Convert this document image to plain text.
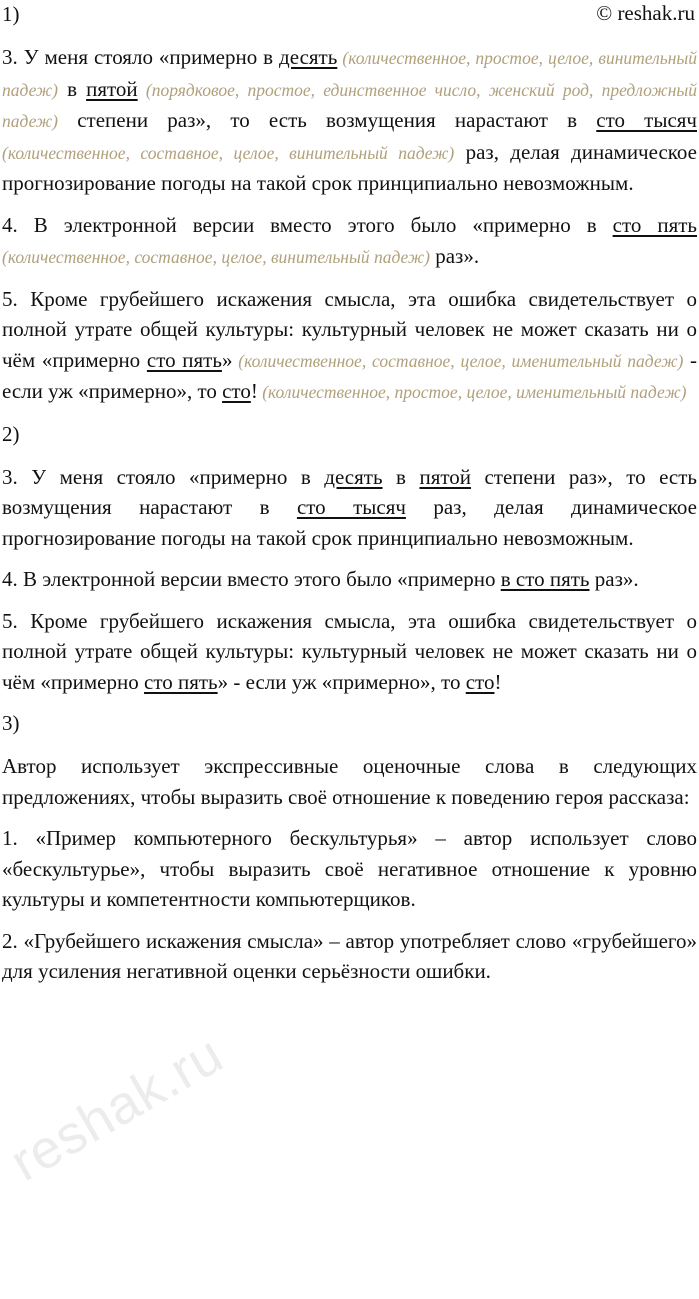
© reshak.ru
1)

3. У меня стояло «примерно в десять (количественное, простое, целое, винительный падеж) в пятой (порядковое, простое, единственное число, женский род, предложный падеж) степени раз», то есть возмущения нарастают в сто тысяч (количественное, составное, целое, винительный падеж) раз, делая динамическое прогнозирование погоды на такой срок принципиально невозможным.

4. В электронной версии вместо этого было «примерно в сто пять (количественное, составное, целое, винительный падеж) раз».

5. Кроме грубейшего искажения смысла, эта ошибка свидетельствует о полной утрате общей культуры: культурный человек не может сказать ни о чём «примерно сто пять» (количественное, составное, целое, именительный падеж) - если уж «примерно», то сто! (количественное, простое, целое, именительный падеж)

2)

3. У меня стояло «примерно в десять в пятой степени раз», то есть возмущения нарастают в сто тысяч раз, делая динамическое прогнозирование погоды на такой срок принципиально невозможным.

4. В электронной версии вместо этого было «примерно в сто пять раз».

5. Кроме грубейшего искажения смысла, эта ошибка свидетельствует о полной утрате общей культуры: культурный человек не может сказать ни о чём «примерно сто пять» - если уж «примерно», то сто!

3)

Автор использует экспрессивные оценочные слова в следующих предложениях, чтобы выразить своё отношение к поведению героя рассказа:

1. «Пример компьютерного бескультурья» – автор использует слово «бескультурье», чтобы выразить своё негативное отношение к уровню культуры и компетентности компьютерщиков.

2. «Грубейшего искажения смысла» – автор употребляет слово «грубейшего» для усиления негативной оценки серьёзности ошибки.

reshak.ru
